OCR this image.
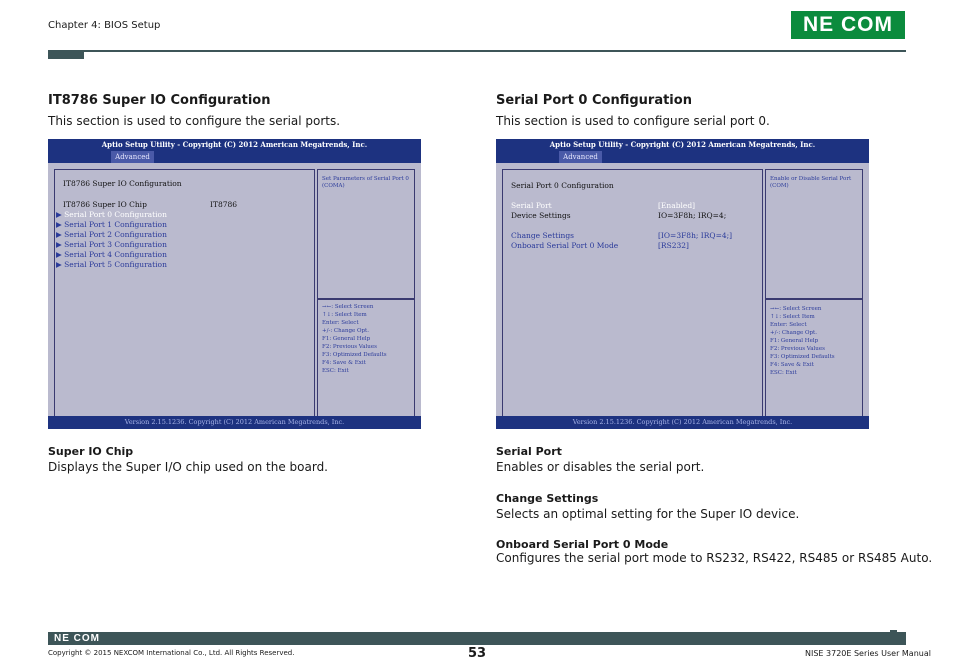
Chapter 4: BIOS Setup	NE COM
IT8786 Super IO Configuration
This section is used to configure the serial ports.
Aptio Setup Utility - Copyright (C) 2012 American Megatrends, Inc.
Advanced
IT8786 Super IO Configuration
IT8786 Super IO Chip	IT8786
▶ Serial Port 0 Configuration
▶ Serial Port 1 Configuration
▶ Serial Port 2 Configuration
▶ Serial Port 3 Configuration
▶ Serial Port 4 Configuration
▶ Serial Port 5 Configuration
Set Parameters of Serial Port 0 (COMA)
→←: Select Screen
↑↓: Select Item
Enter: Select
+/-: Change Opt.
F1: General Help
F2: Previous Values
F3: Optimized Defaults
F4: Save & Exit
ESC: Exit
Version 2.15.1236. Copyright (C) 2012 American Megatrends, Inc.
Super IO Chip
Displays the Super I/O chip used on the board.
Serial Port 0 Configuration
This section is used to configure serial port 0.
Aptio Setup Utility - Copyright (C) 2012 American Megatrends, Inc.
Advanced
Serial Port 0 Configuration
Serial Port	[Enabled]
Device Settings	IO=3F8h; IRQ=4;
Change Settings	[IO=3F8h; IRQ=4;]
Onboard Serial Port 0 Mode	[RS232]
Enable or Disable Serial Port (COM)
→←: Select Screen
↑↓: Select Item
Enter: Select
+/-: Change Opt.
F1: General Help
F2: Previous Values
F3: Optimized Defaults
F4: Save & Exit
ESC: Exit
Version 2.15.1236. Copyright (C) 2012 American Megatrends, Inc.
Serial Port
Enables or disables the serial port.
Change Settings
Selects an optimal setting for the Super IO device.
Onboard Serial Port 0 Mode
Configures the serial port mode to RS232, RS422, RS485 or RS485 Auto.
NE COM
53
Copyright © 2015 NEXCOM International Co., Ltd. All Rights Reserved.	NISE 3720E Series User Manual
